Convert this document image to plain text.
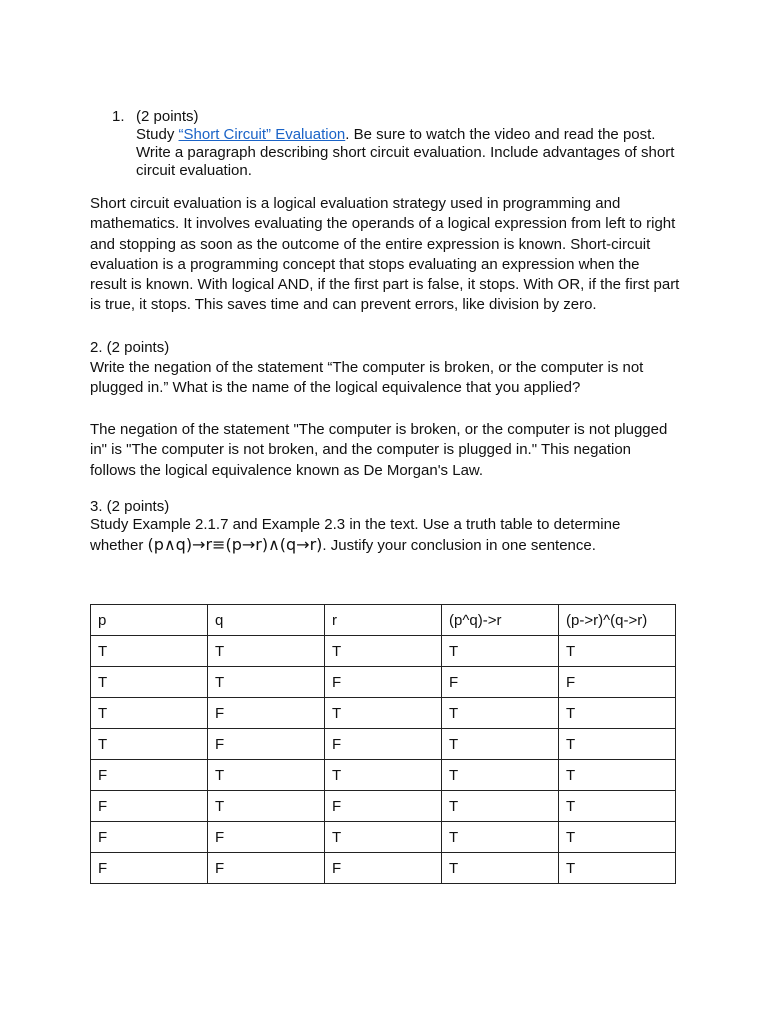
1. (2 points)
Study “Short Circuit” Evaluation. Be sure to watch the video and read the post.
Write a paragraph describing short circuit evaluation. Include advantages of short circuit evaluation.

Short circuit evaluation is a logical evaluation strategy used in programming and mathematics. It involves evaluating the operands of a logical expression from left to right and stopping as soon as the outcome of the entire expression is known. Short-circuit evaluation is a programming concept that stops evaluating an expression when the result is known. With logical AND, if the first part is false, it stops. With OR, if the first part is true, it stops. This saves time and can prevent errors, like division by zero.

2. (2 points)

Write the negation of the statement “The computer is broken, or the computer is not plugged in.” What is the name of the logical equivalence that you applied?

The negation of the statement "The computer is broken, or the computer is not plugged in" is "The computer is not broken, and the computer is plugged in." This negation follows the logical equivalence known as De Morgan's Law.

3. (2 points)

Study Example 2.1.7 and Example 2.3 in the text. Use a truth table to determine

whether (p∧q)→r≡(p→r)∧(q→r). Justify your conclusion in one sentence.

p	q	r	(p^q)->r	(p->r)^(q->r)
T	T	T	T	T
T	T	F	F	F
T	F	T	T	T
T	F	F	T	T
F	T	T	T	T
F	T	F	T	T
F	F	T	T	T
F	F	F	T	T
